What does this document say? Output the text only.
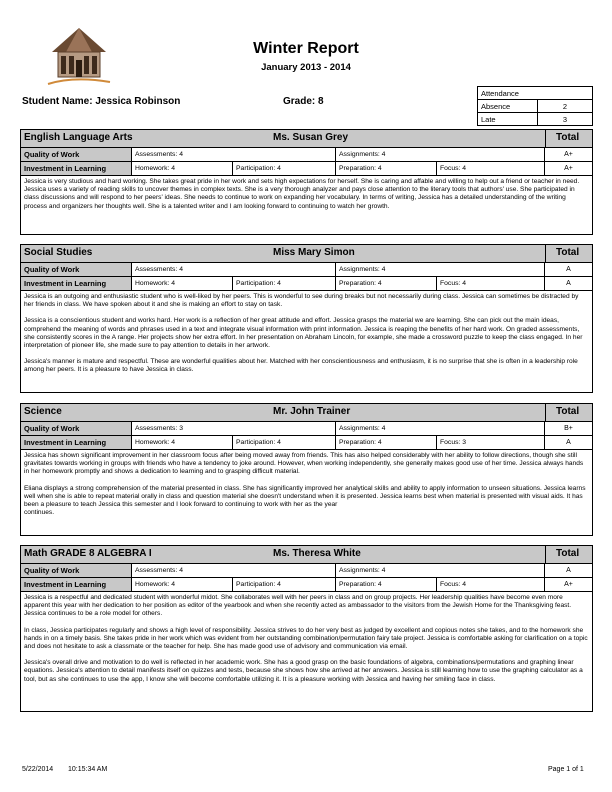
Winter Report
January 2013 - 2014
Student Name: Jessica Robinson	Grade: 8
Attendance	
Absence	2
Late	3
English Language Arts	Ms. Susan Grey	Total
Quality of Work	Assessments: 4	Assignments: 4	A+
Investment in Learning	Homework: 4	Participation: 4	Preparation: 4	Focus: 4	A+

Jessica is very studious and hard working. She takes great pride in her work and sets high expectations for herself. She is caring and affable and willing to help out a friend or teacher in need.
Jessica uses a variety of reading skills to uncover themes in complex texts. She is a very thorough analyzer and pays close attention to the literary tools that authors' use. She participated in class discussions and will respond to her peers' ideas. She needs to continue to work on expanding her vocabulary. In terms of writing, Jessica has a detailed understanding of the writing process and organizers her thoughts well. She is a talented writer and I am looking forward to continuing to watch her growth.

Social Studies	Miss Mary Simon	Total
Quality of Work	Assessments: 4	Assignments: 4	A
Investment in Learning	Homework: 4	Participation: 4	Preparation: 4	Focus: 4	A

Jessica is an outgoing and enthusiastic student who is well-liked by her peers. This is wonderful to see during breaks but not necessarily during class. Jessica can sometimes be distracted by her friends in class. We have spoken about it and she is making an effort to stay on task.

Jessica is a conscientious student and works hard. Her work is a reflection of her great attitude and effort. Jessica grasps the material we are learning. She can pick out the main ideas, comprehend the meaning of words and phrases used in a text and integrate visual information with print information. Jessica is reaping the benefits of her hard work. On graded assessments, she consistently scores in the A range. Her projects show her extra effort. In her presentation on Abraham Lincoln, for example, she made a crossword puzzle to keep the class engaged. In her interpretation of pioneer life, she made sure to pay attention to details in her artwork.

Jessica's manner is mature and respectful. These are wonderful qualities about her. Matched with her conscientiousness and enthusiasm, it is no surprise that she is often in a leadership role among her peers. It is a pleasure to have Jessica in class.

Science	Mr. John Trainer	Total
Quality of Work	Assessments: 3	Assignments: 4	B+
Investment in Learning	Homework: 4	Participation: 4	Preparation: 4	Focus: 3	A

Jessica has shown significant improvement in her classroom focus after being moved away from friends. This has also helped considerably with her ability to follow directions, though she still gravitates towards working in groups with friends who have a tendency to joke around. However, when working independently, she generally makes good use of her time. Jessica always hands in her homework promptly and shows a dedication to learning and to grasping difficult material.

Eliana displays a strong comprehension of the material presented in class. She has significantly improved her analytical skills and ability to apply information to unseen situations. Jessica learns well when she is able to repeat material orally in class and question material she doesn't understand when it is presented. Jessica learns best when material is presented with visual aids. It has been a pleasure to teach Jessica this semester and I look forward to continuing to work with her as the year
continues.

Math GRADE 8 ALGEBRA I	Ms. Theresa White	Total
Quality of Work	Assessments: 4	Assignments: 4	A
Investment in Learning	Homework: 4	Participation: 4	Preparation: 4	Focus: 4	A+

Jessica is a respectful and dedicated student with wonderful midot. She collaborates well with her peers in class and on group projects. Her leadership qualities have become even more apparent this year with her dedication to her position as editor of the yearbook and when she recently acted as ambassador to the visitors from the Jewish Home for the Thanksgiving feast. Jessica continues to be a role model for others.

In class, Jessica participates regularly and shows a high level of responsibility. Jessica strives to do her very best as judged by excellent and copious notes she takes, and to the homework she hands in on a timely basis. She takes pride in her work which was evident from her outstanding combination/permutation fairy tale project. Jessica is comfortable asking for clarification on a topic and does not hesitate to ask a classmate or the teacher for help. She has made good use of advisory and communication via email.

Jessica's overall drive and motivation to do well is reflected in her academic work. She has a good grasp on the basic foundations of algebra, combinations/permutations and graphing linear equations. Jessica's attention to detail manifests itself on quizzes and tests, because she shows how she arrived at her answers. Jessica is still learning how to use the graphing calculator as a tool, but as she continues to use the app, I know she will become comfortable utilizing it. It is a pleasure working with Jessica and having her smiling face in class.

5/22/2014 10:15:34 AM	Page 1 of 1
